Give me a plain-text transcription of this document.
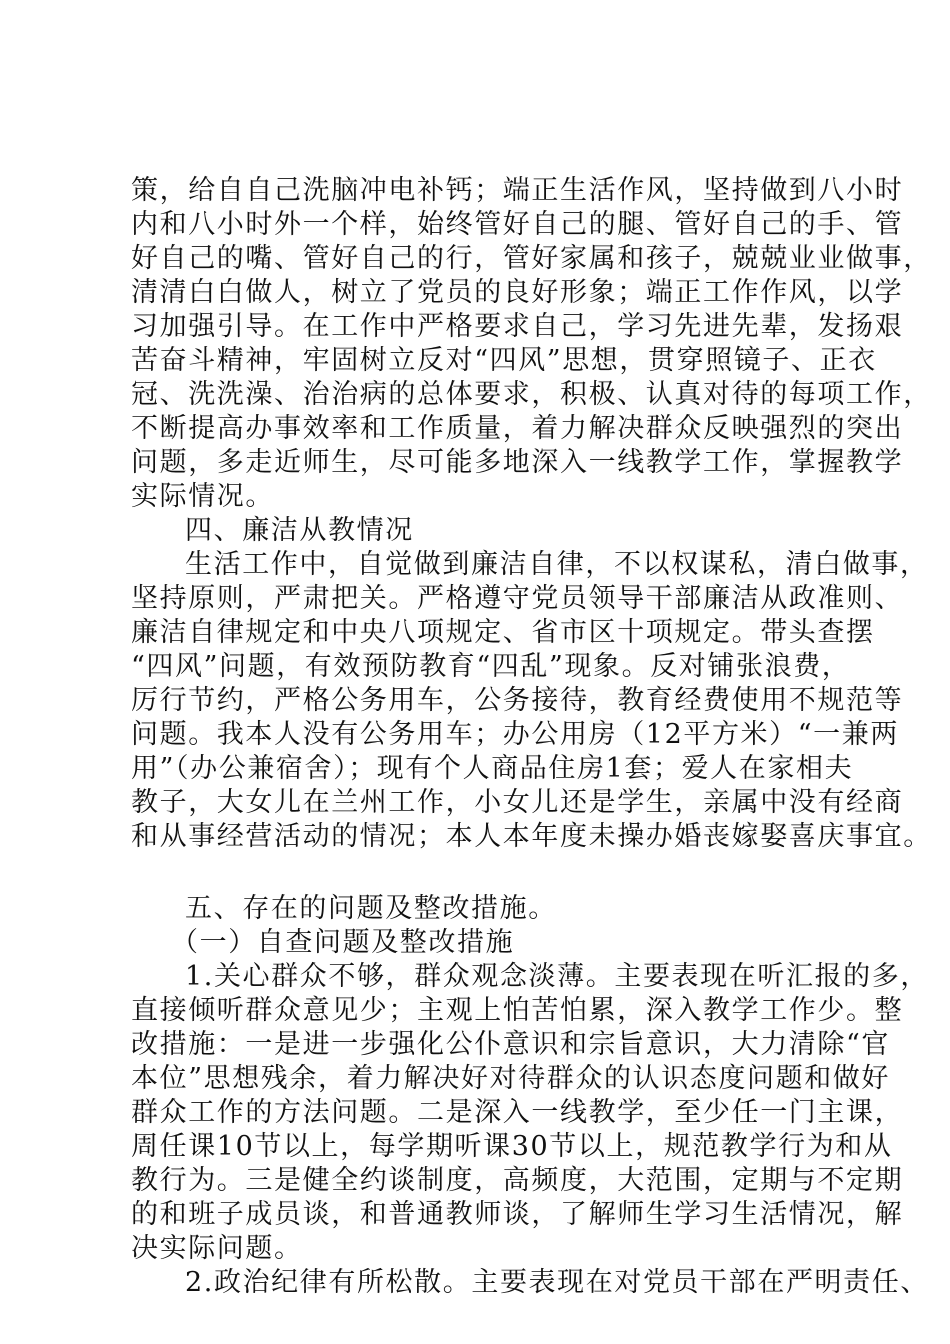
策，给自自己洗脑冲电补钙；端正生活作风，坚持做到八小时
内和八小时外一个样，始终管好自己的腿、管好自己的手、管
好自己的嘴、管好自己的行，管好家属和孩子，兢兢业业做事，
清清白白做人，树立了党员的良好形象；端正工作作风，以学
习加强引导。在工作中严格要求自己，学习先进先辈，发扬艰
苦奋斗精神，牢固树立反对“四风”思想，贯穿照镜子、正衣
冠、洗洗澡、治治病的总体要求，积极、认真对待的每项工作，
不断提高办事效率和工作质量，着力解决群众反映强烈的突出
问题，多走近师生，尽可能多地深入一线教学工作，掌握教学
实际情况。
四、廉洁从教情况
生活工作中，自觉做到廉洁自律，不以权谋私，清白做事，
坚持原则，严肃把关。严格遵守党员领导干部廉洁从政准则、
廉洁自律规定和中央八项规定、省市区十项规定。带头查摆
“四风”问题，有效预防教育“四乱”现象。反对铺张浪费，
厉行节约，严格公务用车，公务接待，教育经费使用不规范等
问题。我本人没有公务用车；办公用房（12平方米）“一兼两
用”（办公兼宿舍）；现有个人商品住房1套；爱人在家相夫
教子，大女儿在兰州工作，小女儿还是学生，亲属中没有经商
和从事经营活动的情况；本人本年度未操办婚丧嫁娶喜庆事宜。
五、存在的问题及整改措施。
（一）自查问题及整改措施
1.关心群众不够，群众观念淡薄。主要表现在听汇报的多，
直接倾听群众意见少；主观上怕苦怕累，深入教学工作少。整
改措施：一是进一步强化公仆意识和宗旨意识，大力清除“官
本位”思想残余，着力解决好对待群众的认识态度问题和做好
群众工作的方法问题。二是深入一线教学，至少任一门主课，
周任课10节以上，每学期听课30节以上，规范教学行为和从
教行为。三是健全约谈制度，高频度，大范围，定期与不定期
的和班子成员谈，和普通教师谈，了解师生学习生活情况，解
决实际问题。
2.政治纪律有所松散。主要表现在对党员干部在严明责任、
